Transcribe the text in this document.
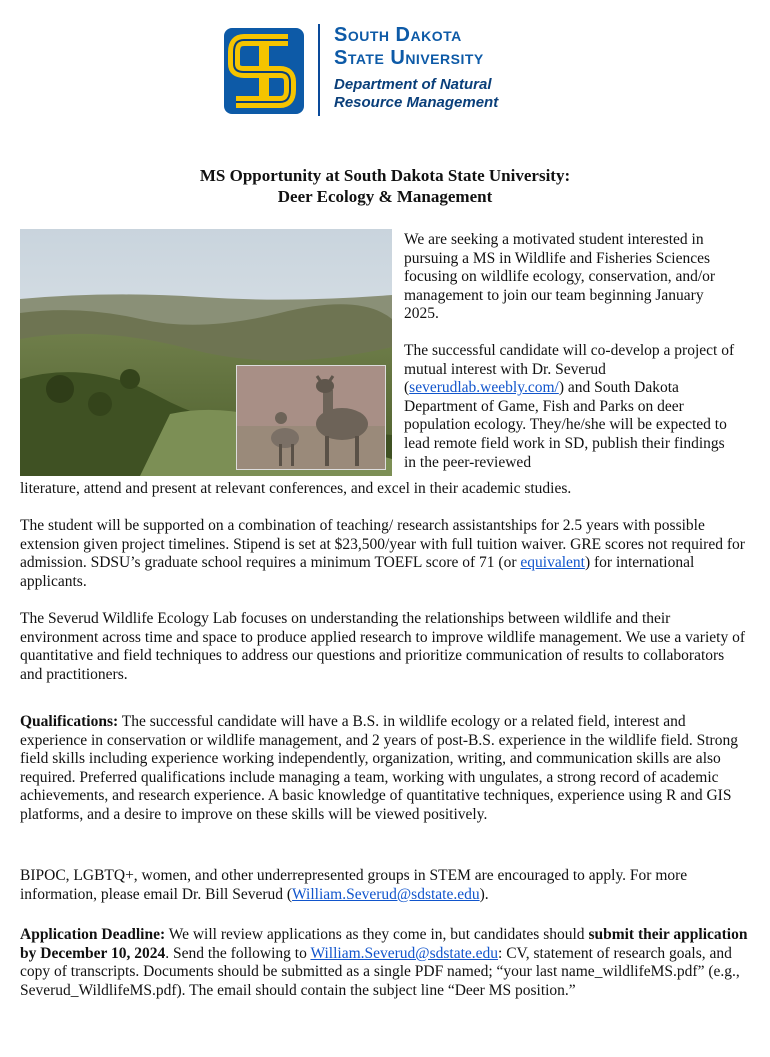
South Dakota
State University
Department of Natural
Resource Management
MS Opportunity at South Dakota State University:
Deer Ecology & Management

We are seeking a motivated student interested in pursuing a MS in Wildlife and Fisheries Sciences focusing on wildlife ecology, conservation, and/or management to join our team beginning January 2025.

The successful candidate will co-develop a project of mutual interest with Dr. Severud (severudlab.weebly.com/) and South Dakota Department of Game, Fish and Parks on deer population ecology. They/he/she will be expected to lead remote field work in SD, publish their findings in the peer-reviewed

literature, attend and present at relevant conferences, and excel in their academic studies.

The student will be supported on a combination of teaching/ research assistantships for 2.5 years with possible extension given project timelines. Stipend is set at $23,500/year with full tuition waiver. GRE scores not required for admission. SDSU’s graduate school requires a minimum TOEFL score of 71 (or equivalent) for international applicants.

The Severud Wildlife Ecology Lab focuses on understanding the relationships between wildlife and their environment across time and space to produce applied research to improve wildlife management. We use a variety of quantitative and field techniques to address our questions and prioritize communication of results to collaborators and practitioners.

Qualifications: The successful candidate will have a B.S. in wildlife ecology or a related field, interest and experience in conservation or wildlife management, and 2 years of post-B.S. experience in the wildlife field. Strong field skills including experience working independently, organization, writing, and communication skills are also required. Preferred qualifications include managing a team, working with ungulates, a strong record of academic achievements, and research experience. A basic knowledge of quantitative techniques, experience using R and GIS platforms, and a desire to improve on these skills will be viewed positively.

BIPOC, LGBTQ+, women, and other underrepresented groups in STEM are encouraged to apply. For more information, please email Dr. Bill Severud (William.Severud@sdstate.edu).

Application Deadline: We will review applications as they come in, but candidates should submit their application by December 10, 2024. Send the following to William.Severud@sdstate.edu: CV, statement of research goals, and copy of transcripts. Documents should be submitted as a single PDF named; “your last name_wildlifeMS.pdf” (e.g., Severud_WildlifeMS.pdf). The email should contain the subject line “Deer MS position.”
